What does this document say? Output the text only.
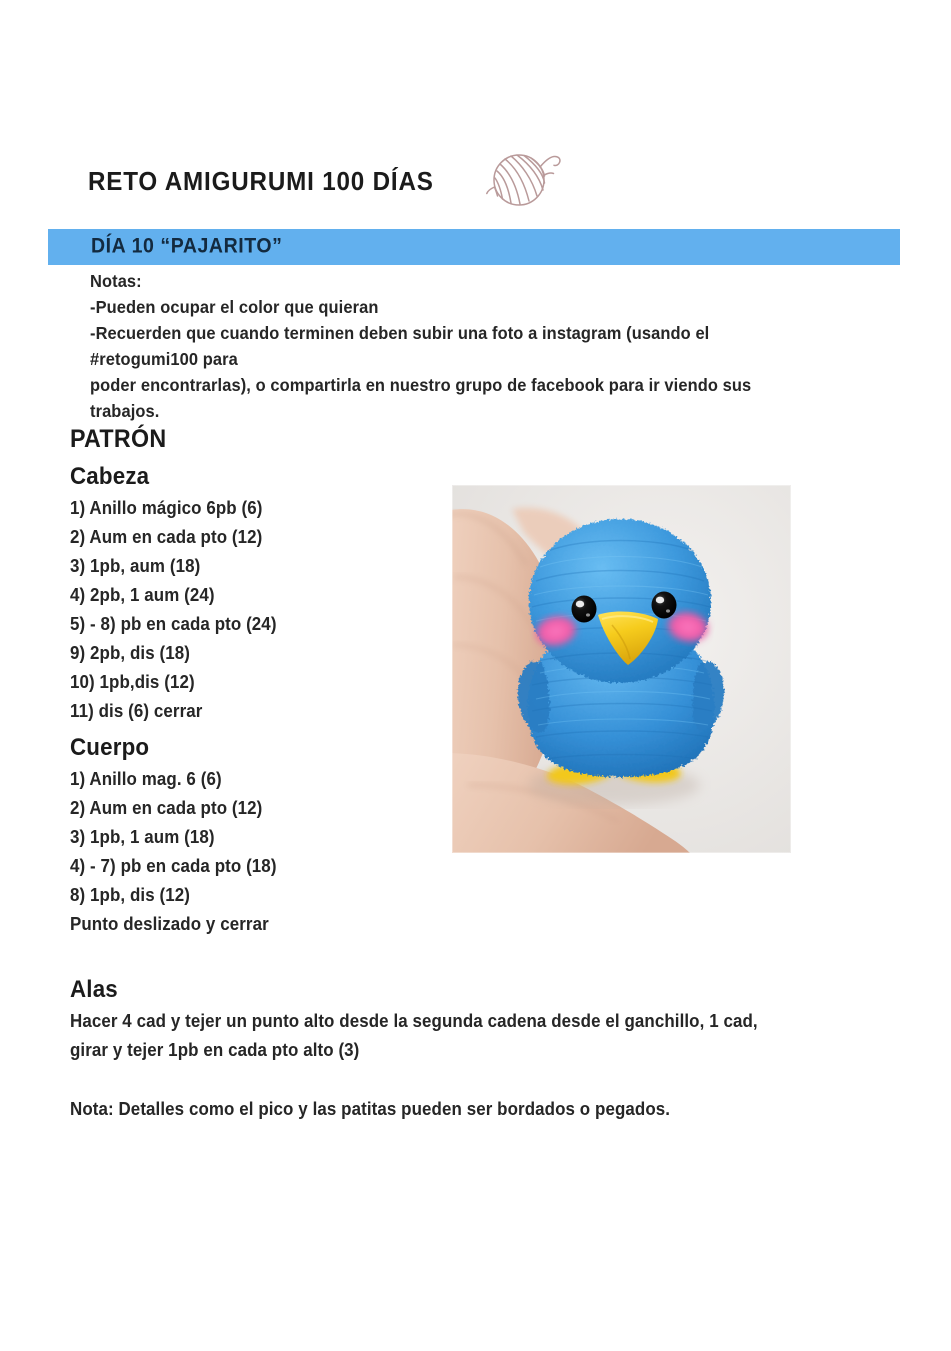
RETO AMIGURUMI 100 DÍAS
DÍA 10 “PAJARITO”
Notas:
-Pueden ocupar el color que quieran
-Recuerden que cuando terminen deben subir una foto a instagram (usando el #retogumi100 para
poder encontrarlas), o compartirla en nuestro grupo de facebook para ir viendo sus trabajos.
PATRÓN
Cabeza
1) Anillo mágico 6pb (6)
2) Aum en cada pto (12)
3) 1pb, aum (18)
4) 2pb, 1 aum (24)
5) - 8) pb en cada pto (24)
9) 2pb, dis (18)
10) 1pb,dis (12)
11) dis (6) cerrar
Cuerpo
1) Anillo mag. 6 (6)
2) Aum en cada pto (12)
3) 1pb, 1 aum (18)
4) - 7) pb en cada pto (18)
8) 1pb, dis (12)
Punto deslizado y cerrar
Alas
Hacer 4 cad y tejer un punto alto desde la segunda cadena desde el ganchillo, 1 cad,
girar y tejer 1pb en cada pto alto (3)
Nota: Detalles como el pico y las patitas pueden ser bordados o pegados.
